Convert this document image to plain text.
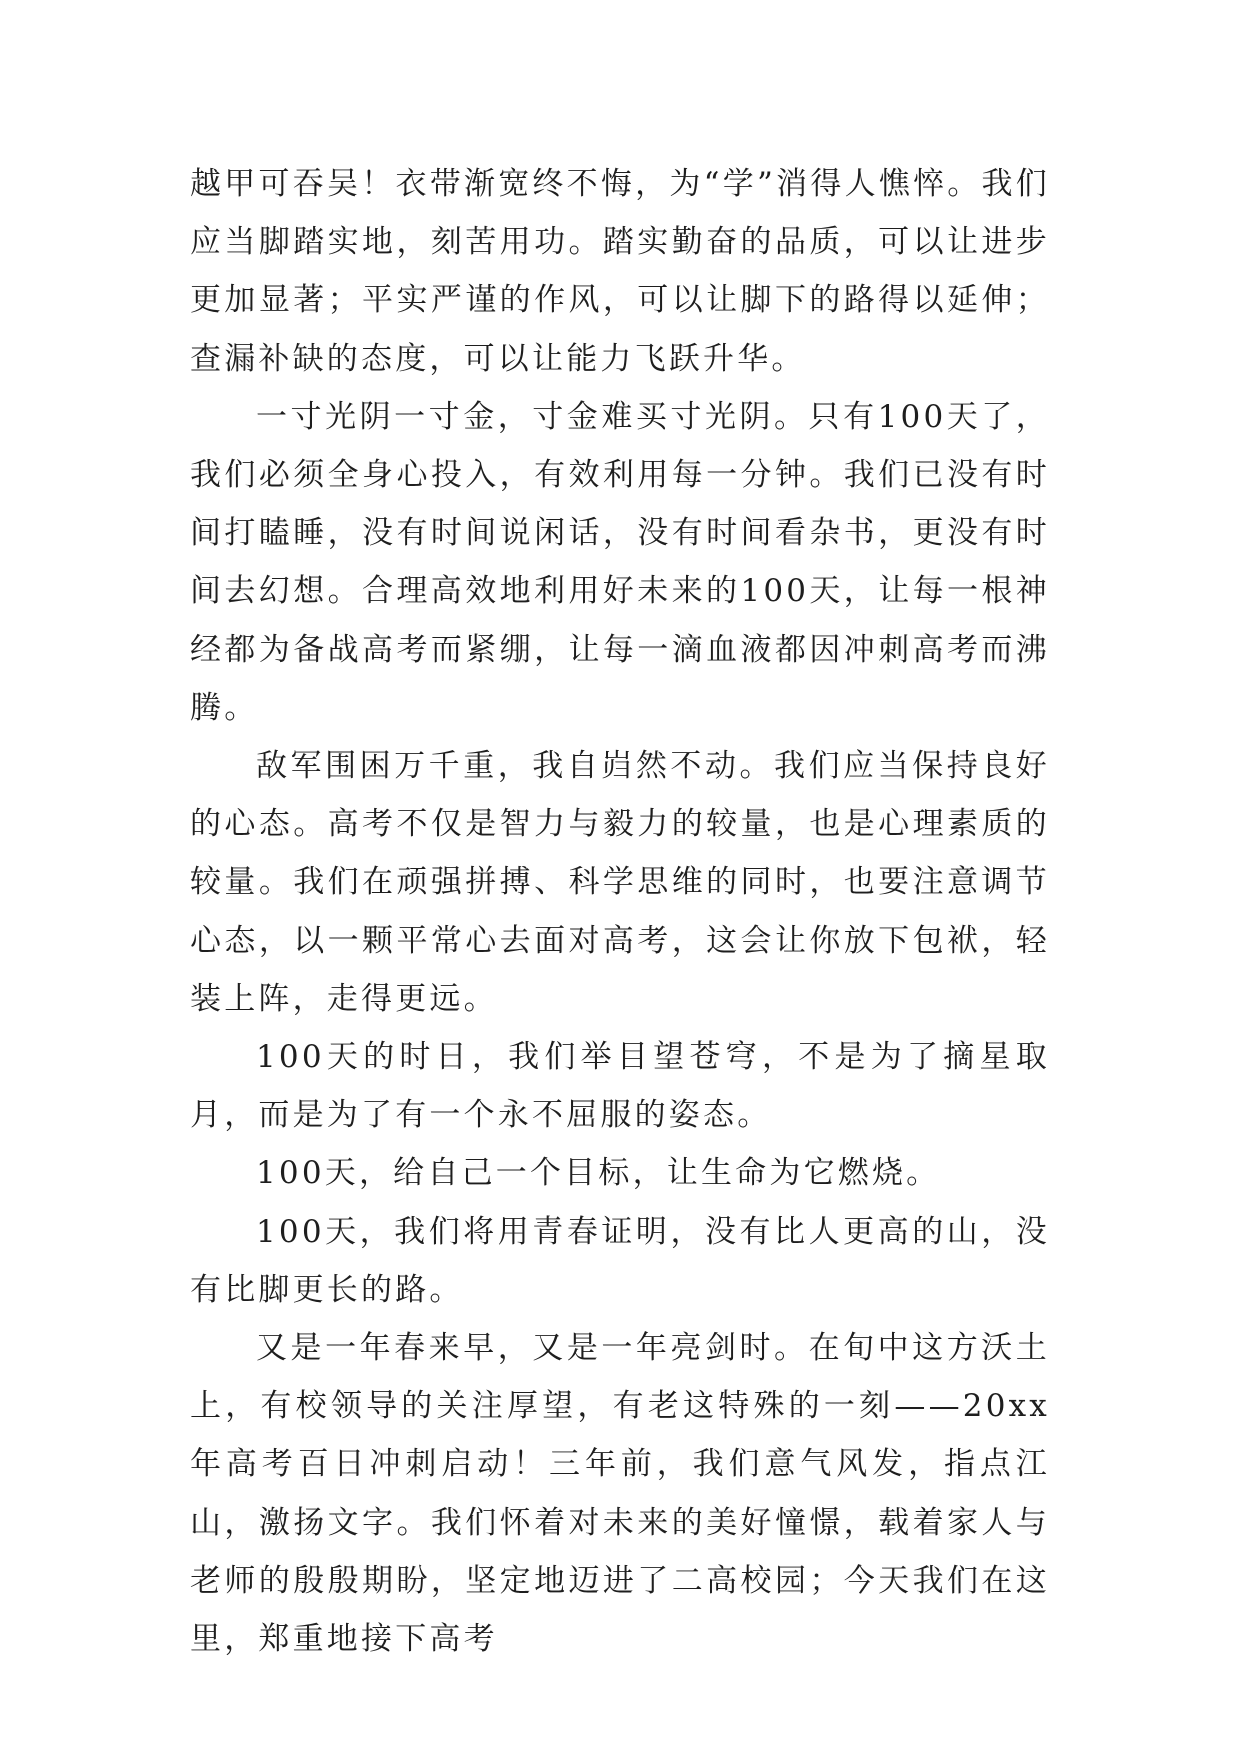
越甲可吞吴！衣带渐宽终不悔，为“学”消得人憔悴。我们应当脚踏实地，刻苦用功。踏实勤奋的品质，可以让进步更加显著；平实严谨的作风，可以让脚下的路得以延伸；查漏补缺的态度，可以让能力飞跃升华。

一寸光阴一寸金，寸金难买寸光阴。只有100天了，我们必须全身心投入，有效利用每一分钟。我们已没有时间打瞌睡，没有时间说闲话，没有时间看杂书，更没有时间去幻想。合理高效地利用好未来的100天，让每一根神经都为备战高考而紧绷，让每一滴血液都因冲刺高考而沸腾。

敌军围困万千重，我自岿然不动。我们应当保持良好的心态。高考不仅是智力与毅力的较量，也是心理素质的较量。我们在顽强拼搏、科学思维的同时，也要注意调节心态，以一颗平常心去面对高考，这会让你放下包袱，轻装上阵，走得更远。

100天的时日，我们举目望苍穹，不是为了摘星取月，而是为了有一个永不屈服的姿态。

100天，给自己一个目标，让生命为它燃烧。

100天，我们将用青春证明，没有比人更高的山，没有比脚更长的路。

又是一年春来早，又是一年亮剑时。在旬中这方沃土上，有校领导的关注厚望，有老这特殊的一刻——20xx年高考百日冲刺启动！三年前，我们意气风发，指点江山，激扬文字。我们怀着对未来的美好憧憬，载着家人与老师的殷殷期盼，坚定地迈进了二高校园；今天我们在这里，郑重地接下高考
